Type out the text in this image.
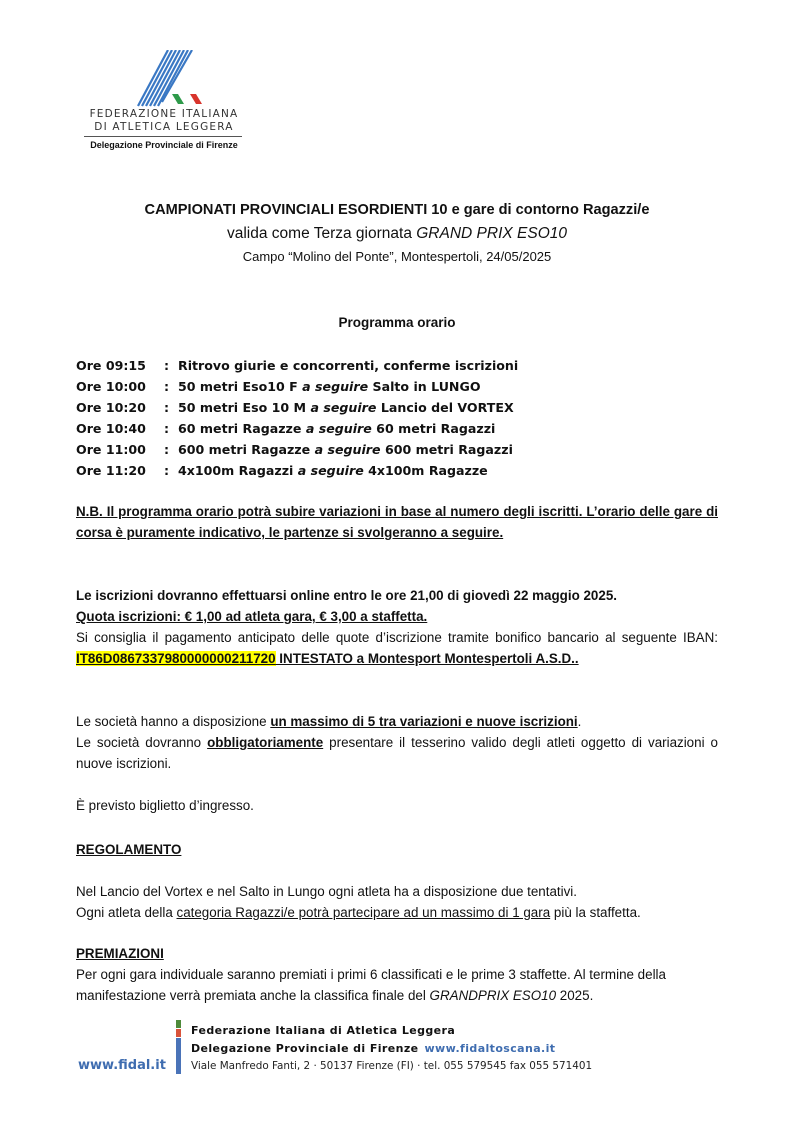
FEDERAZIONE ITALIANA
DI ATLETICA LEGGERA
Delegazione Provinciale di Firenze
CAMPIONATI PROVINCIALI ESORDIENTI 10 e gare di contorno Ragazzi/e
valida come Terza giornata GRAND PRIX ESO10
Campo “Molino del Ponte”, Montespertoli, 24/05/2025
Programma orario
Ore 09:15 : Ritrovo giurie e concorrenti, conferme iscrizioni
Ore 10:00 : 50 metri Eso10 F a seguire Salto in LUNGO
Ore 10:20 : 50 metri Eso 10 M a seguire Lancio del VORTEX
Ore 10:40 : 60 metri Ragazze a seguire 60 metri Ragazzi
Ore 11:00 : 600 metri Ragazze a seguire 600 metri Ragazzi
Ore 11:20 : 4x100m Ragazzi a seguire 4x100m Ragazze
N.B. Il programma orario potrà subire variazioni in base al numero degli iscritti. L’orario delle gare di corsa è puramente indicativo, le partenze si svolgeranno a seguire.

Le iscrizioni dovranno effettuarsi online entro le ore 21,00 di giovedì 22 maggio 2025.

Quota iscrizioni: € 1,00 ad atleta gara, € 3,00 a staffetta.

Si consiglia il pagamento anticipato delle quote d’iscrizione tramite bonifico bancario al seguente IBAN: IT86D0867337980000000211720 INTESTATO a Montesport Montespertoli A.S.D..

Le società hanno a disposizione un massimo di 5 tra variazioni e nuove iscrizioni.

Le società dovranno obbligatoriamente presentare il tesserino valido degli atleti oggetto di variazioni o nuove iscrizioni.

È previsto biglietto d’ingresso.

REGOLAMENTO

Nel Lancio del Vortex e nel Salto in Lungo ogni atleta ha a disposizione due tentativi.

Ogni atleta della categoria Ragazzi/e potrà partecipare ad un massimo di 1 gara più la staffetta.

PREMIAZIONI

Per ogni gara individuale saranno premiati i primi 6 classificati e le prime 3 staffette. Al termine della manifestazione verrà premiata anche la classifica finale del GRANDPRIX ESO10 2025.

www.fidal.it
Federazione Italiana di Atletica Leggera
Delegazione Provinciale di Firenze www.fidaltoscana.it
Viale Manfredo Fanti, 2 · 50137 Firenze (FI) · tel. 055 579545 fax 055 571401
